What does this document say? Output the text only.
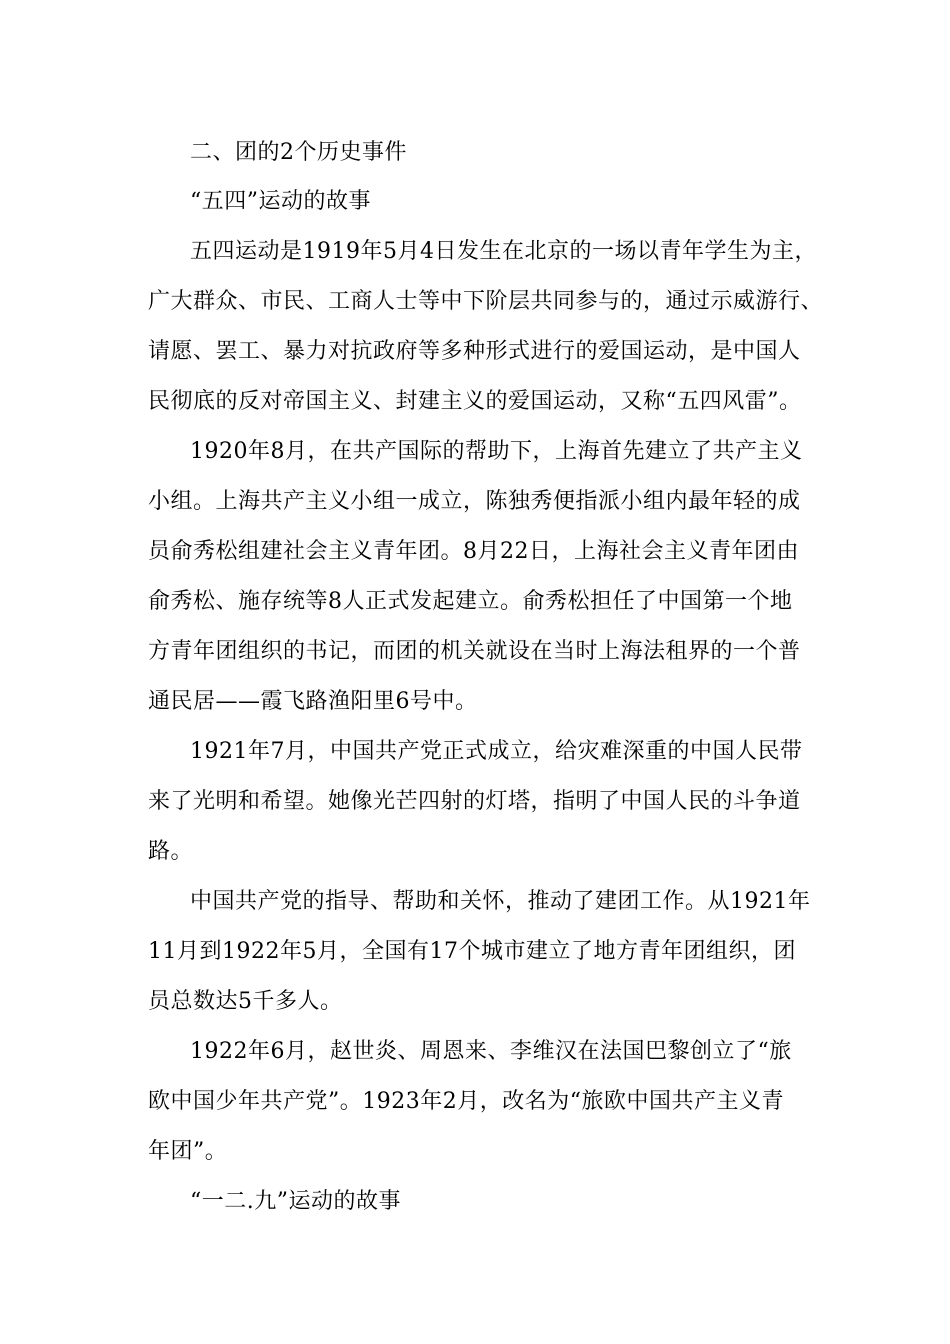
二、团的2个历史事件
“五四”运动的故事
五四运动是1919年5月4日发生在北京的一场以青年学生为主，
广大群众、市民、工商人士等中下阶层共同参与的，通过示威游行、
请愿、罢工、暴力对抗政府等多种形式进行的爱国运动，是中国人
民彻底的反对帝国主义、封建主义的爱国运动，又称“五四风雷”。
1920年8月，在共产国际的帮助下，上海首先建立了共产主义
小组。上海共产主义小组一成立，陈独秀便指派小组内最年轻的成
员俞秀松组建社会主义青年团。8月22日，上海社会主义青年团由
俞秀松、施存统等8人正式发起建立。俞秀松担任了中国第一个地
方青年团组织的书记，而团的机关就设在当时上海法租界的一个普
通民居——霞飞路渔阳里6号中。
1921年7月，中国共产党正式成立，给灾难深重的中国人民带
来了光明和希望。她像光芒四射的灯塔，指明了中国人民的斗争道
路。
中国共产党的指导、帮助和关怀，推动了建团工作。从1921年
11月到1922年5月，全国有17个城市建立了地方青年团组织，团
员总数达5千多人。
1922年6月，赵世炎、周恩来、李维汉在法国巴黎创立了“旅
欧中国少年共产党”。1923年2月，改名为“旅欧中国共产主义青
年团”。
“一二.九”运动的故事
